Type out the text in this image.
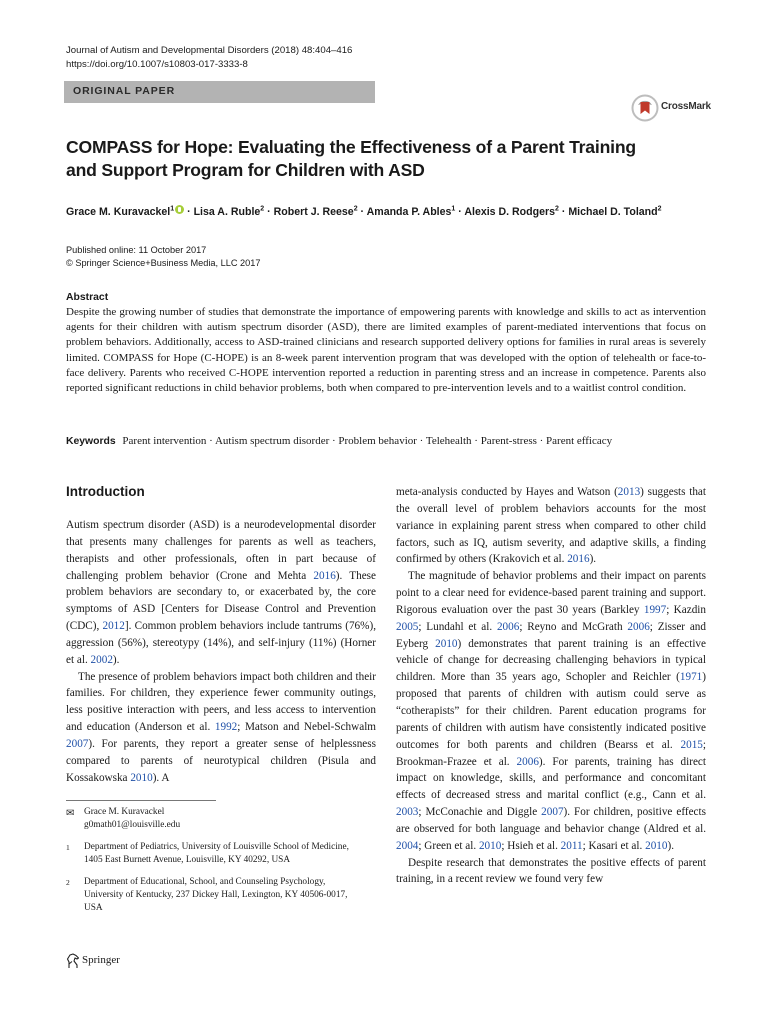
Journal of Autism and Developmental Disorders (2018) 48:404–416
https://doi.org/10.1007/s10803-017-3333-8
ORIGINAL PAPER
CrossMark
COMPASS for Hope: Evaluating the Effectiveness of a Parent Training and Support Program for Children with ASD
Grace M. Kuravackel$^1$ · Lisa A. Ruble$^2$ · Robert J. Reese$^2$ · Amanda P. Ables$^1$ · Alexis D. Rodgers$^2$ · Michael D. Toland$^2$
Published online: 11 October 2017
© Springer Science+Business Media, LLC 2017
Abstract
Despite the growing number of studies that demonstrate the importance of empowering parents with knowledge and skills to act as intervention agents for their children with autism spectrum disorder (ASD), there are limited examples of parent-mediated interventions that focus on problem behaviors. Additionally, access to ASD-trained clinicians and research supported delivery options for families in rural areas is severely limited. COMPASS for Hope (C-HOPE) is an 8-week parent intervention program that was developed with the option of telehealth or face-to-face delivery. Parents who received C-HOPE intervention reported a reduction in parenting stress and an increase in competence. Parents also reported significant reductions in child behavior problems, both when compared to pre-intervention levels and to a waitlist control condition.
Keywords Parent intervention · Autism spectrum disorder · Problem behavior · Telehealth · Parent-stress · Parent efficacy
Introduction

Autism spectrum disorder (ASD) is a neurodevelopmental disorder that presents many challenges for parents as well as teachers, therapists and other professionals, often in part because of challenging problem behavior (Crone and Mehta 2016). These problem behaviors are secondary to, or exacerbated by, the core symptoms of ASD [Centers for Disease Control and Prevention (CDC), 2012]. Common problem behaviors include tantrums (76%), aggression (56%), stereotypy (14%), and self-injury (11%) (Horner et al. 2002).

The presence of problem behaviors impact both children and their families. For children, they experience fewer community outings, less positive interaction with peers, and less access to intervention and education (Anderson et al. 1992; Matson and Nebel-Schwalm 2007). For parents, they report a greater sense of helplessness compared to parents of neurotypical children (Pisula and Kossakowska 2010). A

meta-analysis conducted by Hayes and Watson (2013) suggests that the overall level of problem behaviors accounts for the most variance in explaining parent stress when compared to other child factors, such as IQ, autism severity, and adaptive skills, a finding confirmed by others (Krakovich et al. 2016).

The magnitude of behavior problems and their impact on parents point to a clear need for evidence-based parent training and support. Rigorous evaluation over the past 30 years (Barkley 1997; Kazdin 2005; Lundahl et al. 2006; Reyno and McGrath 2006; Zisser and Eyberg 2010) demonstrates that parent training is an effective vehicle of change for decreasing challenging behaviors in typical children. More than 35 years ago, Schopler and Reichler (1971) proposed that parents of children with autism could serve as “cotherapists” for their children. Parent education programs for parents of children with autism have consistently indicated positive outcomes for both parents and children (Bearss et al. 2015; Brookman-Frazee et al. 2006). For parents, training has direct impact on knowledge, skills, and performance and concomitant effects of decreased stress and marital conflict (e.g., Cann et al. 2003; McConachie and Diggle 2007). For children, positive effects are observed for both language and behavior change (Aldred et al. 2004; Green et al. 2010; Hsieh et al. 2011; Kasari et al. 2010).

Despite research that demonstrates the positive effects of parent training, in a recent review we found very few

✉ Grace M. Kuravackel
g0math01@louisville.edu
1 Department of Pediatrics, University of Louisville School of Medicine, 1405 East Burnett Avenue, Louisville, KY 40292, USA
2 Department of Educational, School, and Counseling Psychology, University of Kentucky, 237 Dickey Hall, Lexington, KY 40506-0017, USA
Springer
